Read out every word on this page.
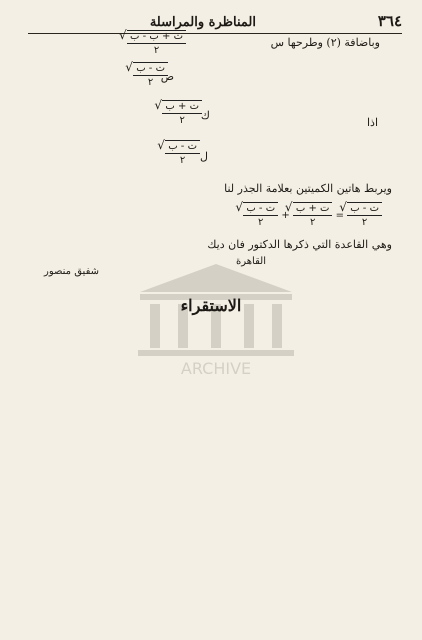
٣٦٤
المناظرة والمراسلة
وباضافة (٢) وطرحها س
√ $\frac{\text{ت + ب - ب}}{٢}$
ص
√ $\frac{\text{ت - ب}}{٢}$
ك
√ $\frac{\text{ت + ب}}{٢}$	اذا
ل
√ $\frac{\text{ت - ب}}{٢}$
ويربط هاتين الكميتين بعلامة الجذر لنا
√ $\frac{\text{ت - ب}}{٢}$ + √ $\frac{\text{ت + ب}}{٢}$ = √ $\frac{\text{ت - ب}}{٢}$
وهي القاعدة التي ذكرها الدكتور فان ديك
القاهرة
شفيق منصور
ARCHIVE
الاستقراء
